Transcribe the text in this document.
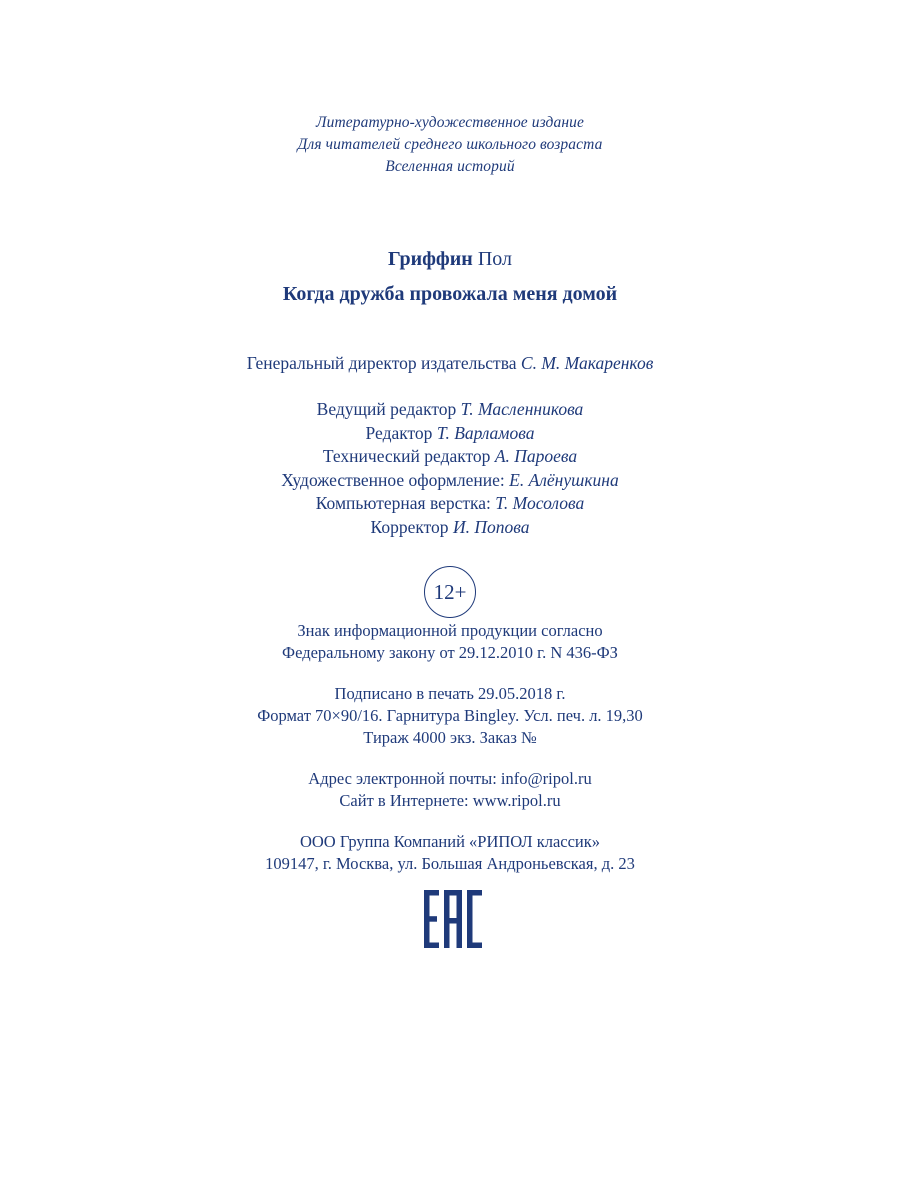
Литературно-художественное издание
Для читателей среднего школьного возраста
Вселенная историй
Гриффин Пол
Когда дружба провожала меня домой
Генеральный директор издательства С. М. Макаренков
Ведущий редактор Т. Масленникова
Редактор Т. Варламова
Технический редактор А. Пароева
Художественное оформление: Е. Алёнушкина
Компьютерная верстка: Т. Мосолова
Корректор И. Попова
12+
Знак информационной продукции согласно
Федеральному закону от 29.12.2010 г. N 436-ФЗ
Подписано в печать 29.05.2018 г.
Формат 70×90/16. Гарнитура Bingley. Усл. печ. л. 19,30
Тираж 4000 экз. Заказ №
Адрес электронной почты: info@ripol.ru
Сайт в Интернете: www.ripol.ru
ООО Группа Компаний «РИПОЛ классик»
109147, г. Москва, ул. Большая Андроньевская, д. 23
